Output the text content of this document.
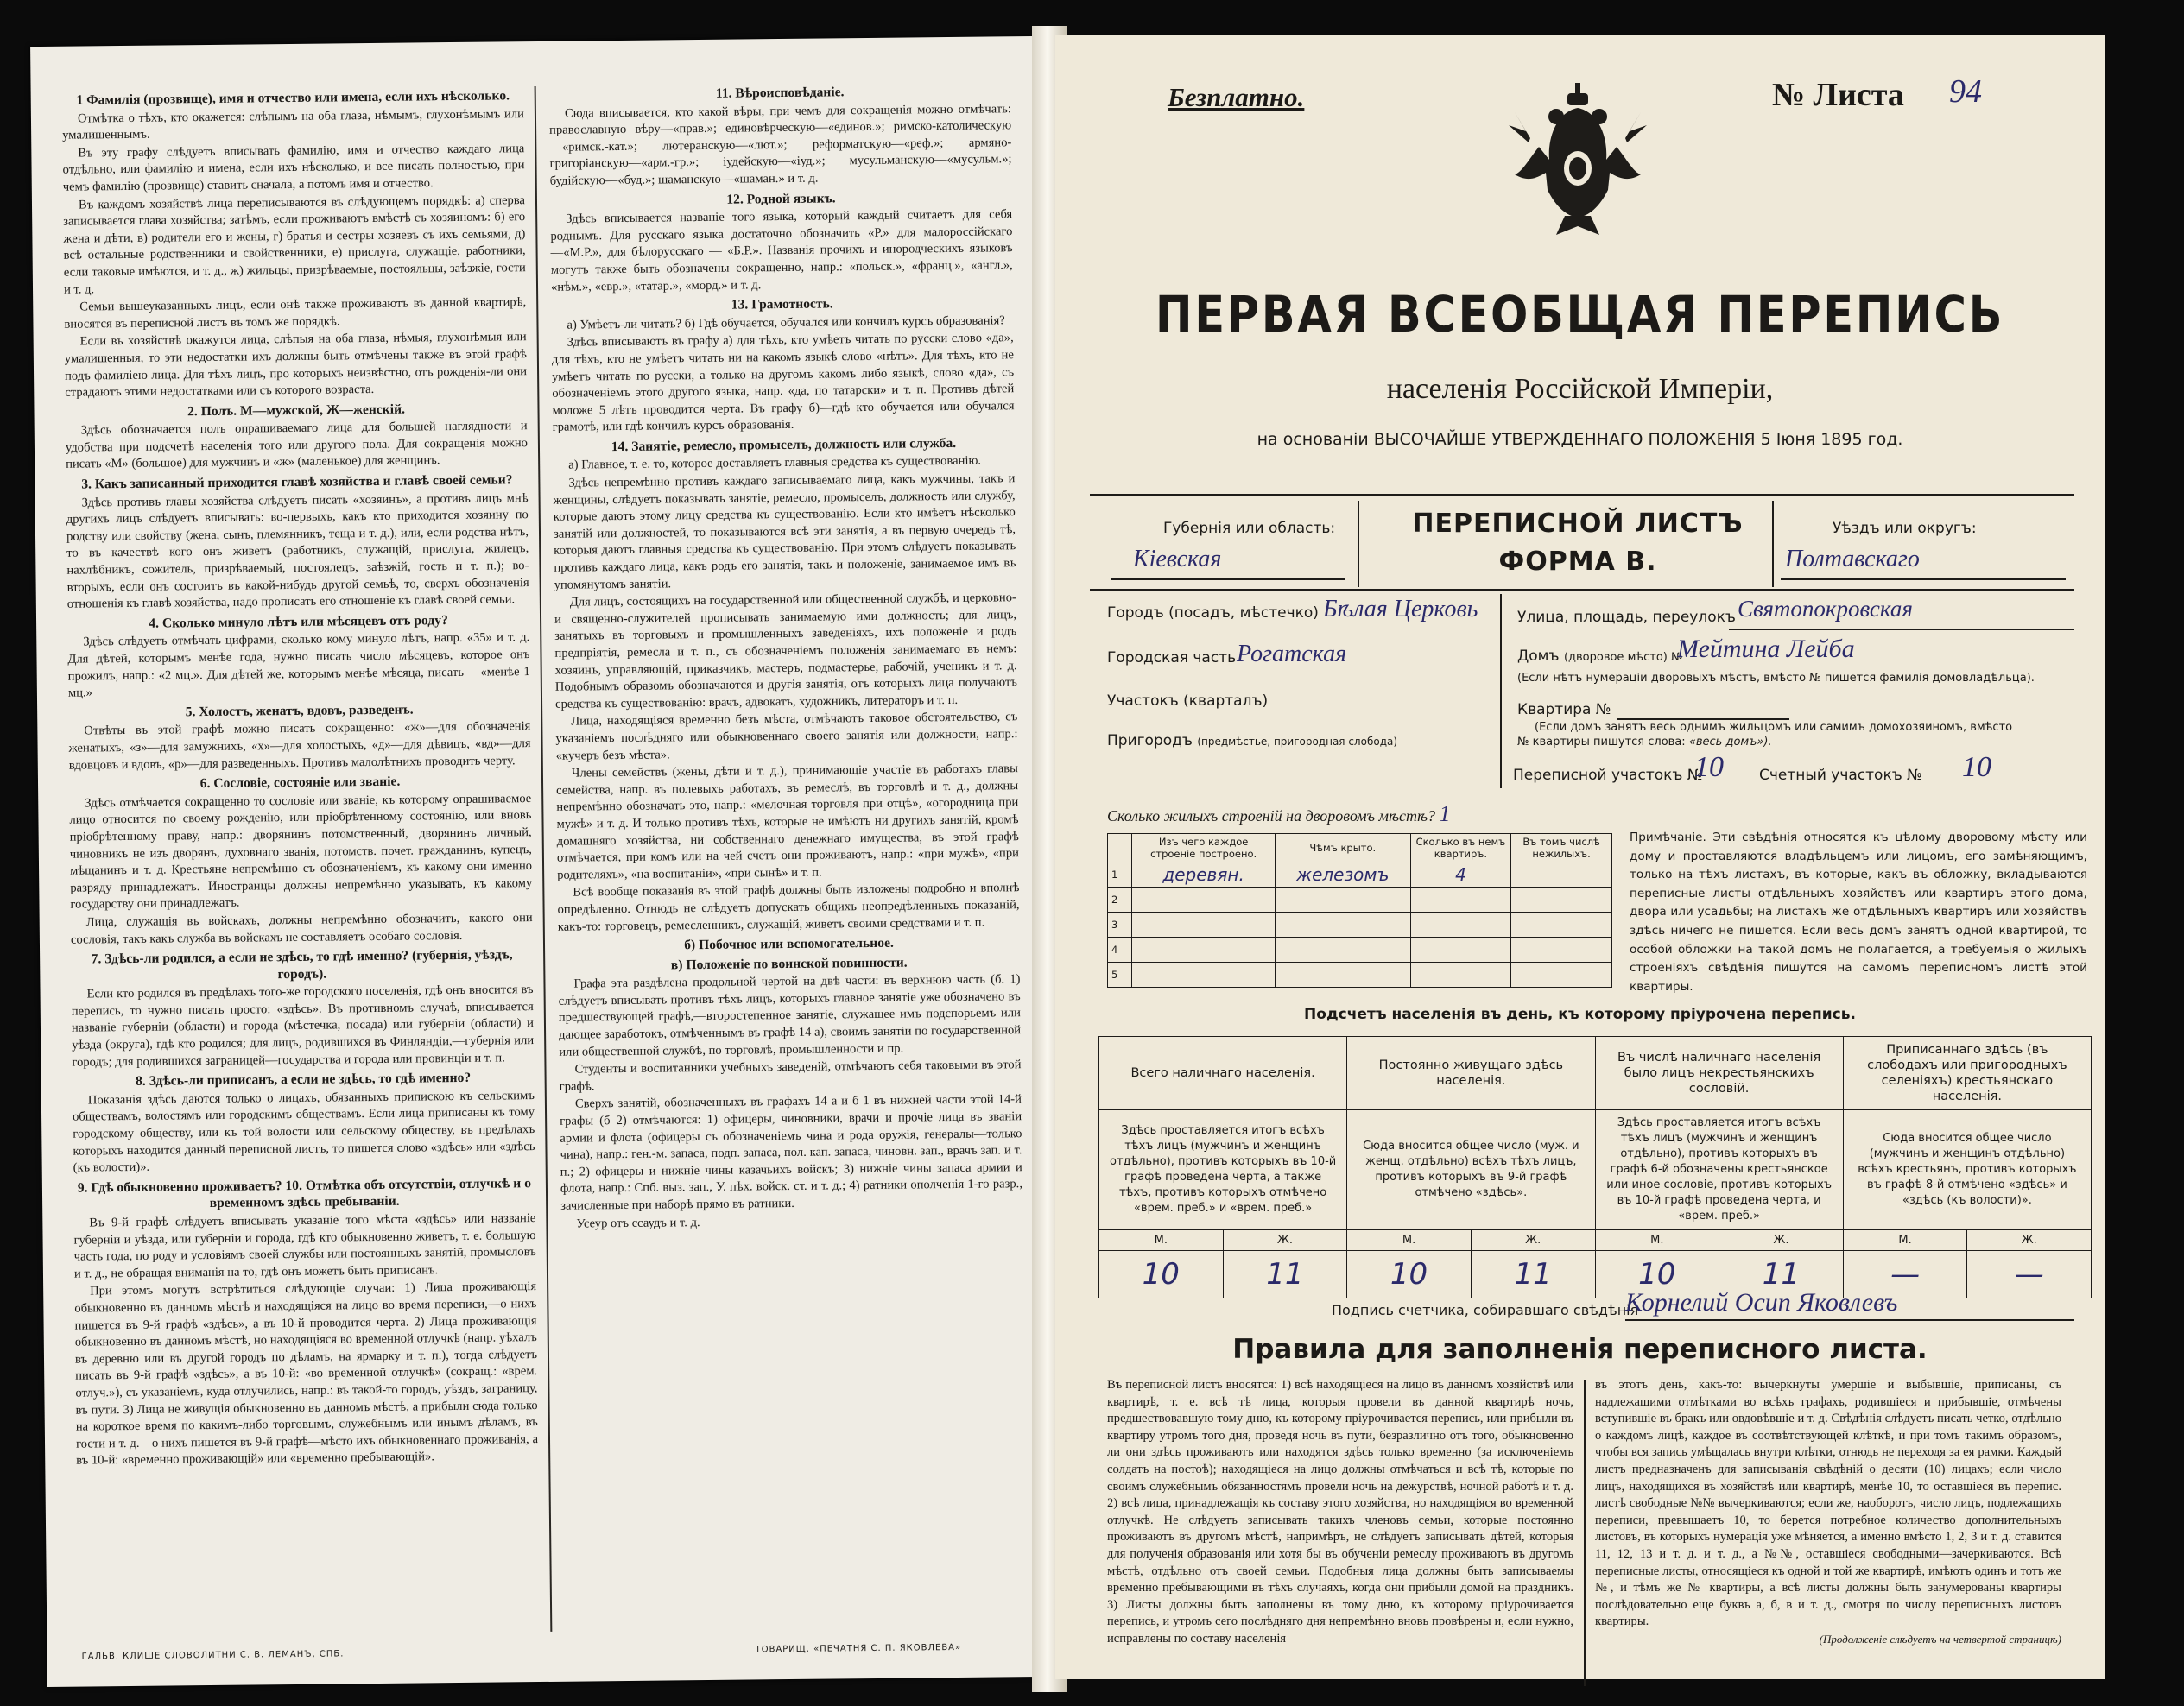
1 Фамилія (прозвище), имя и отчество или имена, если ихъ нѣсколько.

Отмѣтка о тѣхъ, кто окажется: слѣпымъ на оба глаза, нѣмымъ, глухонѣмымъ или умалишеннымъ.

Въ эту графу слѣдуетъ вписывать фамилію, имя и отчество каждаго лица отдѣльно, или фамилію и имена, если ихъ нѣсколько, и все писать полностью, при чемъ фамилію (прозвище) ставить сначала, а потомъ имя и отчество.

Въ каждомъ хозяйствѣ лица переписываются въ слѣдующемъ порядкѣ: а) сперва записывается глава хозяйства; затѣмъ, если проживаютъ вмѣстѣ съ хозяиномъ: б) его жена и дѣти, в) родители его и жены, г) братья и сестры хозяевъ съ ихъ семьями, д) всѣ остальные родственники и свойственники, е) прислуга, служащіе, работники, если таковые имѣются, и т. д., ж) жильцы, призрѣваемые, постояльцы, заѣзжіе, гости и т. д.

Семьи вышеуказанныхъ лицъ, если онѣ также проживаютъ въ данной квартирѣ, вносятся въ переписной листъ въ томъ же порядкѣ.

Если въ хозяйствѣ окажутся лица, слѣпыя на оба глаза, нѣмыя, глухонѣмыя или умалишенныя, то эти недостатки ихъ должны быть отмѣчены также въ этой графѣ подъ фамиліею лица. Для тѣхъ лицъ, про которыхъ неизвѣстно, отъ рожденія-ли они страдаютъ этими недостатками или съ которого возраста.

2. Полъ. М—мужской, Ж—женскій.

Здѣсь обозначается полъ опрашиваемаго лица для большей наглядности и удобства при подсчетѣ населенія того или другого пола. Для сокращенія можно писать «М» (большое) для мужчинъ и «ж» (маленькое) для женщинъ.

3. Какъ записанный приходится главѣ хозяйства и главѣ своей семьи?

Здѣсь противъ главы хозяйства слѣдуетъ писать «хозяинъ», а противъ лицъ мнѣ другихъ лицъ слѣдуетъ вписывать: во-первыхъ, какъ кто приходится хозяину по родству или свойству (жена, сынъ, племянникъ, теща и т. д.), или, если родства нѣтъ, то въ качествѣ кого онъ живетъ (работникъ, служащій, прислуга, жилецъ, нахлѣбникъ, сожитель, призрѣваемый, постоялецъ, заѣзжій, гость и т. п.); во-вторыхъ, если онъ состоитъ въ какой-нибудь другой семьѣ, то, сверхъ обозначенія отношенія къ главѣ хозяйства, надо прописать его отношеніе къ главѣ своей семьи.

4. Сколько минуло лѣтъ или мѣсяцевъ отъ роду?

Здѣсь слѣдуетъ отмѣчать цифрами, сколько кому минуло лѣтъ, напр. «35» и т. д. Для дѣтей, которымъ менѣе года, нужно писать число мѣсяцевъ, которое онъ прожилъ, напр.: «2 мц.». Для дѣтей же, которымъ менѣе мѣсяца, писать —«менѣе 1 мц.»

5. Холостъ, женатъ, вдовъ, разведенъ.

Отвѣты въ этой графѣ можно писать сокращенно: «ж»—для обозначенія женатыхъ, «з»—для замужнихъ, «х»—для холостыхъ, «д»—для дѣвицъ, «вд»—для вдовцовъ и вдовъ, «р»—для разведенныхъ. Противъ малолѣтнихъ проводить черту.

6. Сословіе, состояніе или званіе.

Здѣсь отмѣчается сокращенно то сословіе или званіе, къ которому опрашиваемое лицо относится по своему рожденію, или пріобрѣтенному состоянію, или вновь пріобрѣтенному праву, напр.: дворянинъ потомственный, дворянинъ личный, чиновникъ не изъ дворянъ, духовнаго званія, потомств. почет. гражданинъ, купецъ, мѣщанинъ и т. д. Крестьяне непремѣнно съ обозначеніемъ, къ какому они именно разряду принадлежатъ. Иностранцы должны непремѣнно указывать, къ какому государству они принадлежатъ.

Лица, служащія въ войскахъ, должны непремѣнно обозначить, какого они сословія, такъ какъ служба въ войскахъ не составляетъ особаго сословія.

7. Здѣсь-ли родился, а если не здѣсь, то гдѣ именно? (губернія, уѣздъ, городъ).

Если кто родился въ предѣлахъ того-же городского поселенія, гдѣ онъ вносится въ перепись, то нужно писать просто: «здѣсь». Въ противномъ случаѣ, вписывается названіе губерніи (области) и города (мѣстечка, посада) или губерніи (области) и уѣзда (округа), гдѣ кто родился; для лицъ, родившихся въ Финляндіи,—губернія или городъ; для родившихся заграницей—государства и города или провинціи и т. п.

8. Здѣсь-ли приписанъ, а если не здѣсь, то гдѣ именно?

Показанія здѣсь даются только о лицахъ, обязанныхъ припискою къ сельскимъ обществамъ, волостямъ или городскимъ обществамъ. Если лица приписаны къ тому городскому обществу, или къ той волости или сельскому обществу, въ предѣлахъ которыхъ находится данный переписной листъ, то пишется слово «здѣсь» или «здѣсь (къ волости)».

9. Гдѣ обыкновенно проживаетъ? 10. Отмѣтка объ отсутствіи, отлучкѣ и о временномъ здѣсь пребываніи.

Въ 9-й графѣ слѣдуетъ вписывать указаніе того мѣста «здѣсь» или названіе губерніи и уѣзда, или губерніи и города, гдѣ кто обыкновенно живетъ, т. е. большую часть года, по роду и условіямъ своей службы или постоянныхъ занятій, промысловъ и т. д., не обращая вниманія на то, гдѣ онъ можетъ быть приписанъ.

При этомъ могутъ встрѣтиться слѣдующіе случаи: 1) Лица проживающія обыкновенно въ данномъ мѣстѣ и находящіяся на лицо во время переписи,—о нихъ пишется въ 9-й графѣ «здѣсь», а въ 10-й проводится черта. 2) Лица проживающія обыкновенно въ данномъ мѣстѣ, но находящіяся во временной отлучкѣ (напр. уѣхалъ въ деревню или въ другой городъ по дѣламъ, на ярмарку и т. п.), тогда слѣдуетъ писать въ 9-й графѣ «здѣсь», а въ 10-й: «во временной отлучкѣ» (сокращ.: «врем. отлуч.»), съ указаніемъ, куда отлучились, напр.: въ такой-то городъ, уѣздъ, заграницу, въ пути. 3) Лица не живущія обыкновенно въ данномъ мѣстѣ, а прибыли сюда только на короткое время по какимъ-либо торговымъ, служебнымъ или инымъ дѣламъ, въ гости и т. д.—о нихъ пишется въ 9-й графѣ—мѣсто ихъ обыкновеннаго проживанія, а въ 10-й: «временно проживающій» или «временно пребывающій».

11. Вѣроисповѣданіе.

Сюда вписывается, кто какой вѣры, при чемъ для сокращенія можно отмѣчать: православную вѣру—«прав.»; единовѣрческую—«единов.»; римско-католическую—«римск.-кат.»; лютеранскую—«лют.»; реформатскую—«реф.»; армяно-григоріанскую—«арм.-гр.»; іудейскую—«іуд.»; мусульманскую—«мусульм.»; будійскую—«буд.»; шаманскую—«шаман.» и т. д.

12. Родной языкъ.

Здѣсь вписывается названіе того языка, который каждый считаетъ для себя роднымъ. Для русскаго языка достаточно обозначить «Р.» для малороссійскаго—«М.Р.», для бѣлорусскаго — «Б.Р.». Названія прочихъ и инородческихъ языковъ могутъ также быть обозначены сокращенно, напр.: «польск.», «франц.», «англ.», «нѣм.», «евр.», «татар.», «морд.» и т. д.

13. Грамотность.

а) Умѣетъ-ли читать? б) Гдѣ обучается, обучался или кончилъ курсъ образованія?

Здѣсь вписываютъ въ графу а) для тѣхъ, кто умѣетъ читать по русски слово «да», для тѣхъ, кто не умѣетъ читать ни на какомъ языкѣ слово «нѣтъ». Для тѣхъ, кто не умѣетъ читать по русски, а только на другомъ какомъ либо языкѣ, слово «да», съ обозначеніемъ этого другого языка, напр. «да, по татарски» и т. п. Противъ дѣтей моложе 5 лѣтъ проводится черта. Въ графу б)—гдѣ кто обучается или обучался грамотѣ, или гдѣ кончилъ курсъ образованія.

14. Занятіе, ремесло, промыселъ, должность или служба.

а) Главное, т. е. то, которое доставляетъ главныя средства къ существованію.

Здѣсь непремѣнно противъ каждаго записываемаго лица, какъ мужчины, такъ и женщины, слѣдуетъ показывать занятіе, ремесло, промыселъ, должность или службу, которые даютъ этому лицу средства къ существованію. Если кто имѣетъ нѣсколько занятій или должностей, то показываются всѣ эти занятія, а въ первую очередь тѣ, которыя даютъ главныя средства къ существованію. При этомъ слѣдуетъ показывать противъ каждаго лица, какъ родъ его занятія, такъ и положеніе, занимаемое имъ въ упомянутомъ занятіи.

Для лицъ, состоящихъ на государственной или общественной службѣ, и церковно-и священно-служителей прописывать занимаемую ими должность; для лицъ, занятыхъ въ торговыхъ и промышленныхъ заведеніяхъ, ихъ положеніе и родъ предпріятія, ремесла и т. п., съ обозначеніемъ положенія занимаемаго въ немъ: хозяинъ, управляющій, приказчикъ, мастеръ, подмастерье, рабочій, ученикъ и т. д. Подобнымъ образомъ обозначаются и другія занятія, отъ которыхъ лица получаютъ средства къ существованію: врачъ, адвокатъ, художникъ, литераторъ и т. п.

Лица, находящіяся временно безъ мѣста, отмѣчаютъ таковое обстоятельство, съ указаніемъ послѣдняго или обыкновеннаго своего занятія или должности, напр.: «кучеръ безъ мѣста».

Члены семействъ (жены, дѣти и т. д.), принимающіе участіе въ работахъ главы семейства, напр. въ полевыхъ работахъ, въ ремеслѣ, въ торговлѣ и т. д., должны непремѣнно обозначать это, напр.: «мелочная торговля при отцѣ», «огородница при мужѣ» и т. д. И только противъ тѣхъ, которые не имѣютъ ни другихъ занятій, кромѣ домашняго хозяйства, ни собственнаго денежнаго имущества, въ этой графѣ отмѣчается, при комъ или на чей счетъ они проживаютъ, напр.: «при мужѣ», «при родителяхъ», «на воспитаніи», «при сынѣ» и т. п.

Всѣ вообще показанія въ этой графѣ должны быть изложены подробно и вполнѣ опредѣленно. Отнюдь не слѣдуетъ допускать общихъ неопредѣленныхъ показаній, какъ-то: торговецъ, ремесленникъ, служащій, живетъ своими средствами и т. п.

б) Побочное или вспомогательное.
в) Положеніе по воинской повинности.

Графа эта раздѣлена продольной чертой на двѣ части: въ верхнюю часть (б. 1) слѣдуетъ вписывать противъ тѣхъ лицъ, которыхъ главное занятіе уже обозначено въ предшествующей графѣ,—второстепенное занятіе, служащее имъ подспорьемъ или дающее заработокъ, отмѣченнымъ въ графѣ 14 а), своимъ занятіи по государственной или общественной службѣ, по торговлѣ, промышленности и пр.

Студенты и воспитанники учебныхъ заведеній, отмѣчаютъ себя таковыми въ этой графѣ.

Сверхъ занятій, обозначенныхъ въ графахъ 14 а и б 1 въ нижней части этой 14-й графы (б 2) отмѣчаются: 1) офицеры, чиновники, врачи и прочіе лица въ званіи армии и флота (офицеры съ обозначеніемъ чина и рода оружія, генералы—только чина), напр.: ген.-м. запаса, подп. запаса, пол. кап. запаса, чиновн. зап., врачъ зап. и т. п.; 2) офицеры и нижніе чины казачьихъ войскъ; 3) нижніе чины запаса армии и флота, напр.: Спб. выз. зап., У. пѣх. войск. ст. и т. д.; 4) ратники ополченія 1-го разр., зачисленные при наборѣ прямо въ ратники.

Усеур отъ ссаудъ и т. д.

ГАЛЬВ. КЛИШЕ СЛОВОЛИТНИ С. В. ЛЕМАНЪ, СПБ.
ТОВАРИЩ. «ПЕЧАТНЯ С. П. ЯКОВЛЕВА»
Безплатно.	№ Листа 94
ПЕРВАЯ ВСЕОБЩАЯ ПЕРЕПИСЬ
населенія Россійской Имперіи,
на основаніи ВЫСОЧАЙШЕ УТВЕРЖДЕННАГО ПОЛОЖЕНІЯ 5 Іюня 1895 год.
Губернія или область:
Кіевская
ПЕРЕПИСНОЙ ЛИСТЪ
ФОРМА В.
Уѣздъ или округъ:
Полтавскаго
Городъ (посадъ, мѣстечко) Бѣлая Церковь
Городская часть Рогатская
Участокъ (кварталъ)
Пригородъ (предмѣстье, пригородная слобода)
Улица, площадь, переулокъ Святопокровская
Домъ (дворовое мѣсто) №
Мейтина Лейба
(Если нѣтъ нумераціи дворовыхъ мѣстъ, вмѣсто № пишется фамилія домовладѣльца).
Квартира №
(Если домъ занятъ весь однимъ жильцомъ или самимъ домохозяиномъ, вмѣсто
№ квартиры пишутся слова: «весь домъ»).
Переписной участокъ №
10 Счетный участокъ № 10
Сколько жилыхъ строеній на дворовомъ мѣстѣ? 1
	Изъ чего каждое строеніе построено.	Чѣмъ крыто.	Сколько въ немъ квартиръ.	Въ томъ числѣ нежилыхъ.
1	деревян.	железомъ	4	
2				
3				
4				
5				
Примѣчаніе. Эти свѣдѣнія относятся къ цѣлому дворовому мѣсту или дому и проставляются владѣльцемъ или лицомъ, его замѣняющимъ, только на тѣхъ листахъ, въ которые, какъ въ обложку, вкладываются переписные листы отдѣльныхъ хозяйствъ или квартиръ этого дома, двора или усадьбы; на листахъ же отдѣльныхъ квартиръ или хозяйствъ здѣсь ничего не пишется. Если весь домъ занятъ одной квартирой, то особой обложки на такой домъ не полагается, а требуемыя о жилыхъ строеніяхъ свѣдѣнія пишутся на самомъ переписномъ листѣ этой квартиры.
Подсчетъ населенія въ день, къ которому пріурочена перепись.
Всего наличнаго населенія.		Постоянно живущаго здѣсь населенія.		Въ числѣ наличнаго населенія было лицъ некрестьянскихъ сословій.		Приписаннаго здѣсь (въ слободахъ или пригородныхъ селеніяхъ) крестьянскаго населенія.	
Здѣсь проставляется итогъ всѣхъ тѣхъ лицъ (мужчинъ и женщинъ отдѣльно), противъ которыхъ въ 10-й графѣ проведена черта, а также тѣхъ, противъ которыхъ отмѣчено «врем. преб.» и «врем. преб.»		Сюда вносится общее число (муж. и женщ. отдѣльно) всѣхъ тѣхъ лицъ, противъ которыхъ въ 9-й графѣ отмѣчено «здѣсь».		Здѣсь проставляется итогъ всѣхъ тѣхъ лицъ (мужчинъ и женщинъ отдѣльно), противъ которыхъ въ графѣ 6-й обозначены крестьянское или иное сословіе, противъ которыхъ въ 10-й графѣ проведена черта, и «врем. преб.»		Сюда вносится общее число (мужчинъ и женщинъ отдѣльно) всѣхъ крестьянъ, противъ которыхъ въ графѣ 8-й отмѣчено «здѣсь» и «здѣсь (къ волости)».	
М.	Ж.	М.	Ж.	М.	Ж.	М.	Ж.
10	11	10	11	10	11	—	—
Подпись счетчика, собиравшаго свѣдѣнія
Корнелий Осип Яковлевъ
Правила для заполненія переписного листа.
Въ переписной листъ вносятся: 1) всѣ находящіеся на лицо въ данномъ хозяйствѣ или квартирѣ, т. е. всѣ тѣ лица, которыя провели въ данной квартирѣ ночь, предшествовавшую тому дню, къ которому пріурочивается перепись, или прибыли въ квартиру утромъ того дня, проведя ночь въ пути, безразлично отъ того, обыкновенно ли они здѣсь проживаютъ или находятся здѣсь только временно (за исключеніемъ солдатъ на постоѣ); находящіеся на лицо должны отмѣчаться и всѣ тѣ, которые по своимъ служебнымъ обязанностямъ провели ночь на дежурствѣ, ночной работѣ и т. д. 2) всѣ лица, принадлежащія къ составу этого хозяйства, но находящіяся во временной отлучкѣ. Не слѣдуетъ записывать такихъ членовъ семьи, которые постоянно проживаютъ въ другомъ мѣстѣ, напримѣръ, не слѣдуетъ записывать дѣтей, которыя для полученія образованія или хотя бы въ обученіи ремеслу проживаютъ въ другомъ мѣстѣ, отдѣльно отъ своей семьи. Подобныя лица должны быть записываемы временно пребывающими въ тѣхъ случаяхъ, когда они прибыли домой на праздникъ. 3) Листы должны быть заполнены въ тому дню, къ которому пріурочивается перепись, и утромъ сего послѣдняго дня непремѣнно вновь провѣрены и, если нужно, исправлены по составу населенія
въ этотъ день, какъ-то: вычеркнуты умершіе и выбывшіе, приписаны, съ надлежащими отмѣтками во всѣхъ графахъ, родившіеся и прибывшіе, отмѣчены вступившіе въ бракъ или овдовѣвшіе и т. д. Свѣдѣнія слѣдуетъ писать четко, отдѣльно о каждомъ лицѣ, каждое въ соотвѣтствующей клѣткѣ, и при томъ такимъ образомъ, чтобы вся запись умѣщалась внутри клѣтки, отнюдь не переходя за ея рамки. Каждый листъ предназначенъ для записыванія свѣдѣній о десяти (10) лицахъ; если число лицъ, находящихся въ хозяйствѣ или квартирѣ, менѣе 10, то оставшіеся въ перепис. листѣ свободные №№ вычеркиваются; если же, наоборотъ, число лицъ, подлежащихъ переписи, превышаетъ 10, то берется потребное количество дополнительныхъ листовъ, въ которыхъ нумерація уже мѣняется, а именно вмѣсто 1, 2, 3 и т. д. ставится 11, 12, 13 и т. д. и т. д., а №№, оставшіеся свободными—зачеркиваются. Всѣ переписные листы, относящіеся къ одной и той же квартирѣ, имѣютъ одинъ и тотъ же №, и тѣмъ же № квартиры, а всѣ листы должны быть занумерованы квартиры послѣдовательно еще буквъ а, б, в и т. д., смотря по числу переписныхъ листовъ квартиры.
(Продолженіе слѣдуетъ на четвертой страницѣ)
